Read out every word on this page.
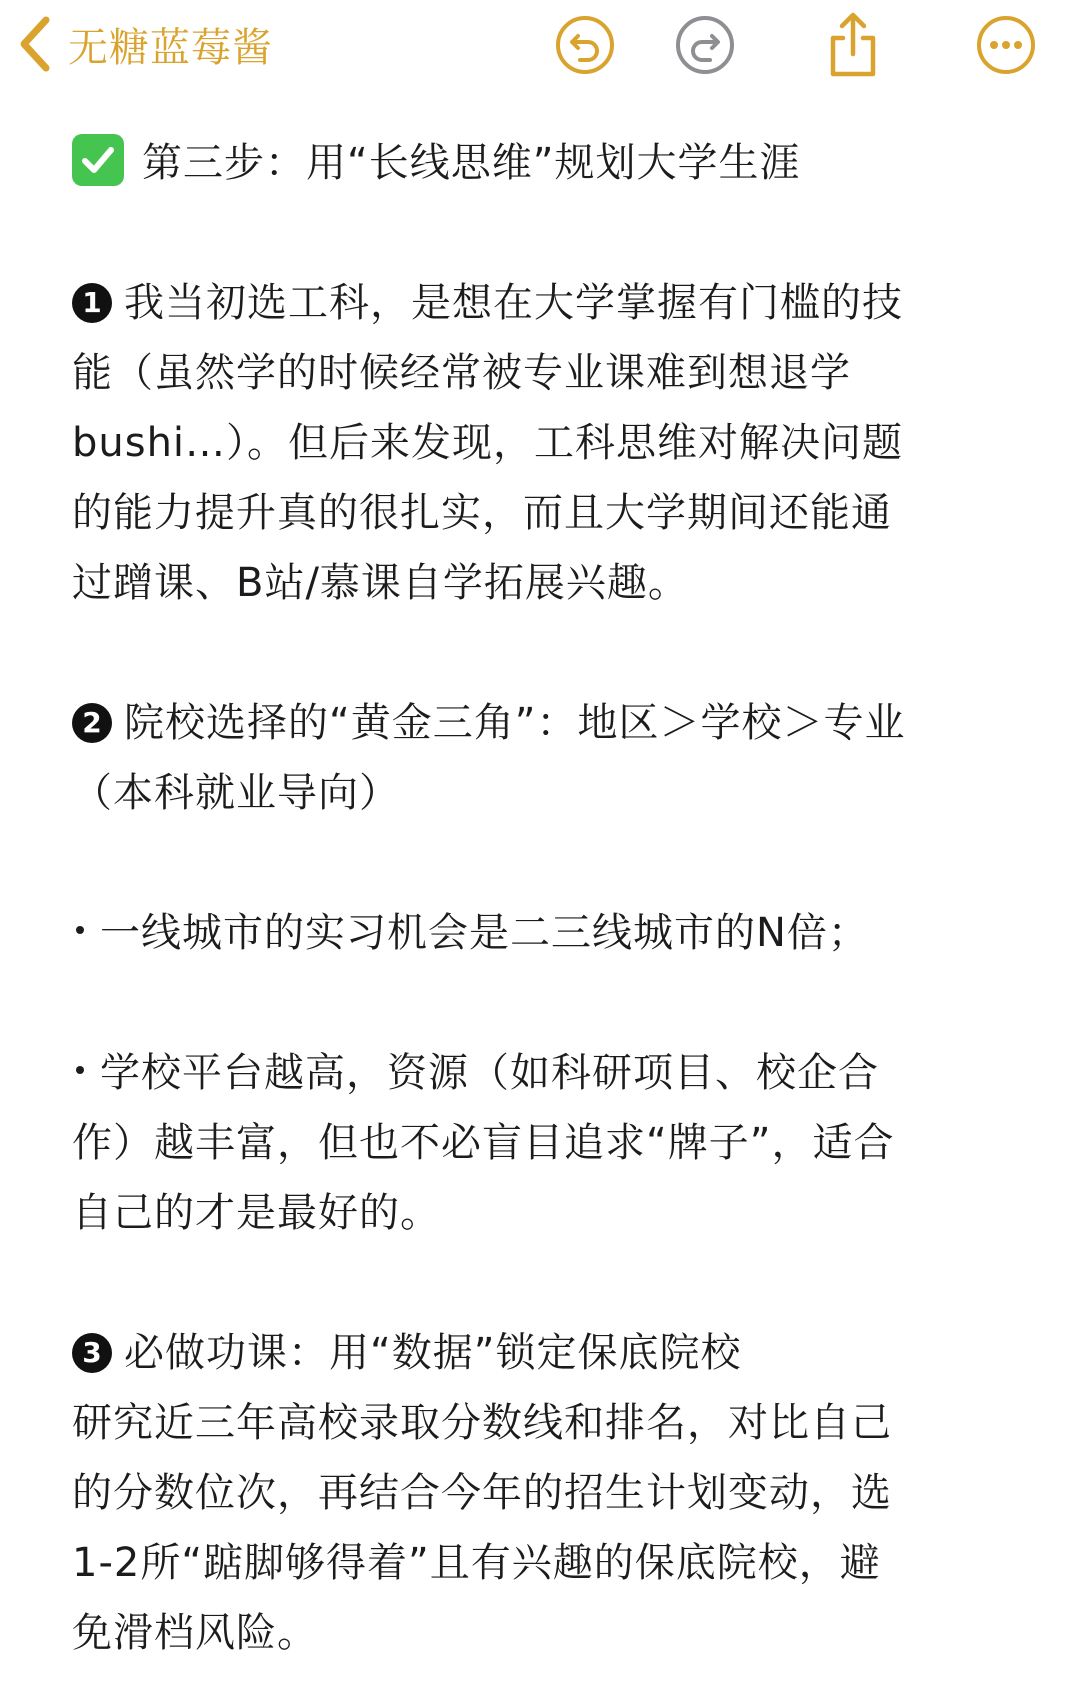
无糖蓝莓酱
第三步：用“长线思维”规划大学生涯
1 我当初选工科，是想在大学掌握有门槛的技
能（虽然学的时候经常被专业课难到想退学
bushi…）。但后来发现，工科思维对解决问题
的能力提升真的很扎实，而且大学期间还能通
过蹭课、B站/慕课自学拓展兴趣。
2 院校选择的“黄金三角”：地区＞学校＞专业
（本科就业导向）
一线城市的实习机会是二三线城市的N倍；
学校平台越高，资源（如科研项目、校企合
作）越丰富，但也不必盲目追求“牌子”，适合
自己的才是最好的。
3 必做功课：用“数据”锁定保底院校
研究近三年高校录取分数线和排名，对比自己
的分数位次，再结合今年的招生计划变动，选
1-2所“踮脚够得着”且有兴趣的保底院校，避
免滑档风险。
